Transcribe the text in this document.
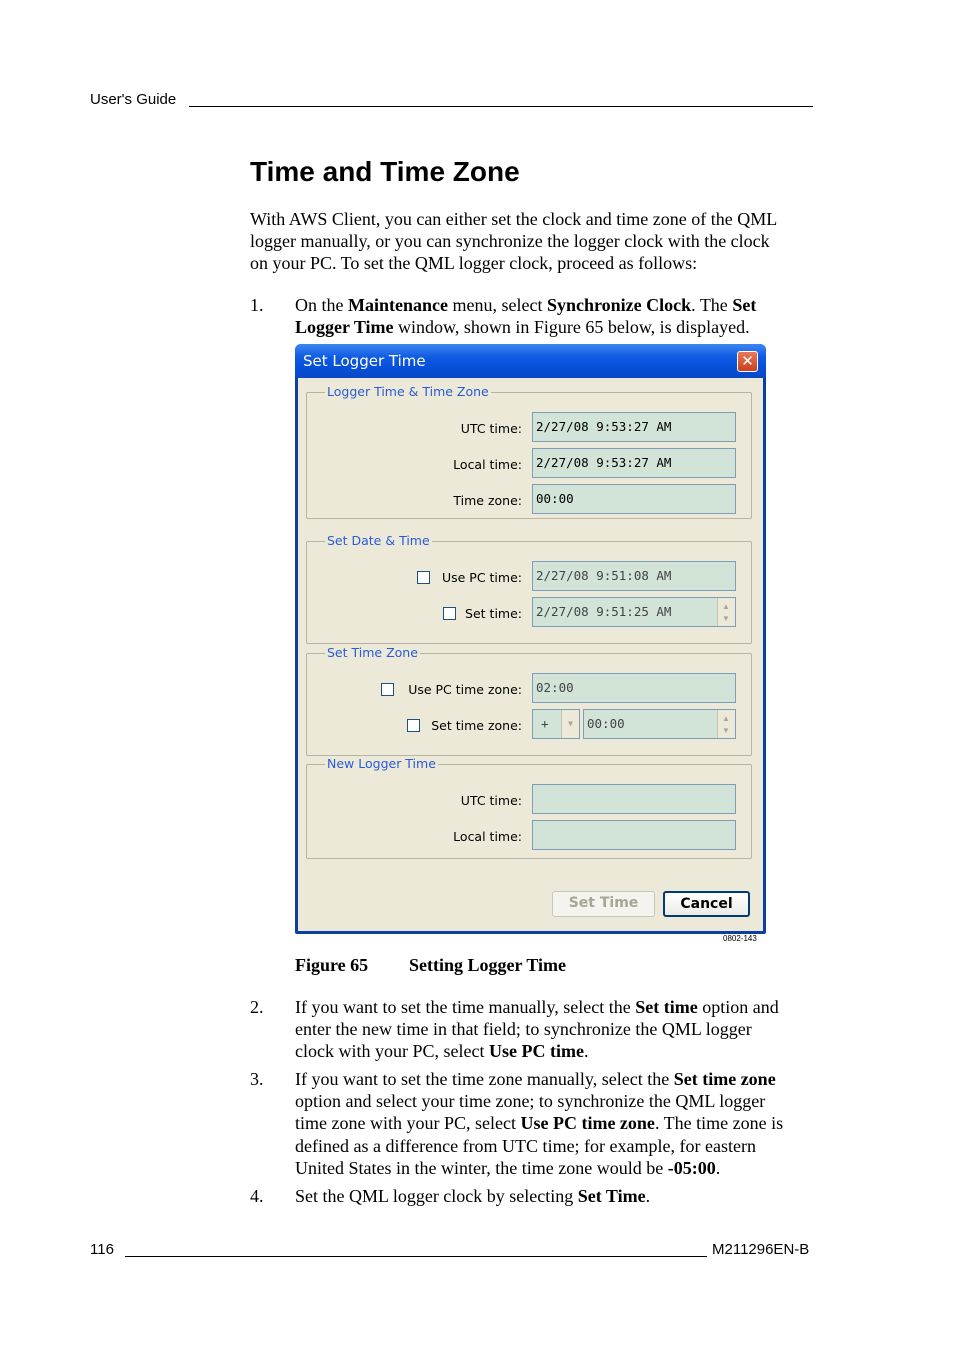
User's Guide
Time and Time Zone
With AWS Client, you can either set the clock and time zone of the QML
logger manually, or you can synchronize the logger clock with the clock
on your PC. To set the QML logger clock, proceed as follows:
1. On the Maintenance menu, select Synchronize Clock. The Set
Logger Time window, shown in Figure 65 below, is displayed.
Set Logger Time	✕
Logger Time & Time Zone
UTC time:	2/27/08 9:53:27 AM
Local time:	2/27/08 9:53:27 AM
Time zone:	00:00
Set Date & Time
Use PC time:	2/27/08 9:51:08 AM
Set time:	2/27/08 9:51:25 AM	▲
▼
Set Time Zone
Use PC time zone:	02:00
Set time zone: +	▼	00:00	▲
▼
New Logger Time
UTC time:
Local time:
Set Time	Cancel
0802-143
Figure 65 Setting Logger Time
2. If you want to set the time manually, select the Set time option and
enter the new time in that field; to synchronize the QML logger
clock with your PC, select Use PC time.
3. If you want to set the time zone manually, select the Set time zone
option and select your time zone; to synchronize the QML logger
time zone with your PC, select Use PC time zone. The time zone is
defined as a difference from UTC time; for example, for eastern
United States in the winter, the time zone would be -05:00.
4. Set the QML logger clock by selecting Set Time.
116	M211296EN-B
